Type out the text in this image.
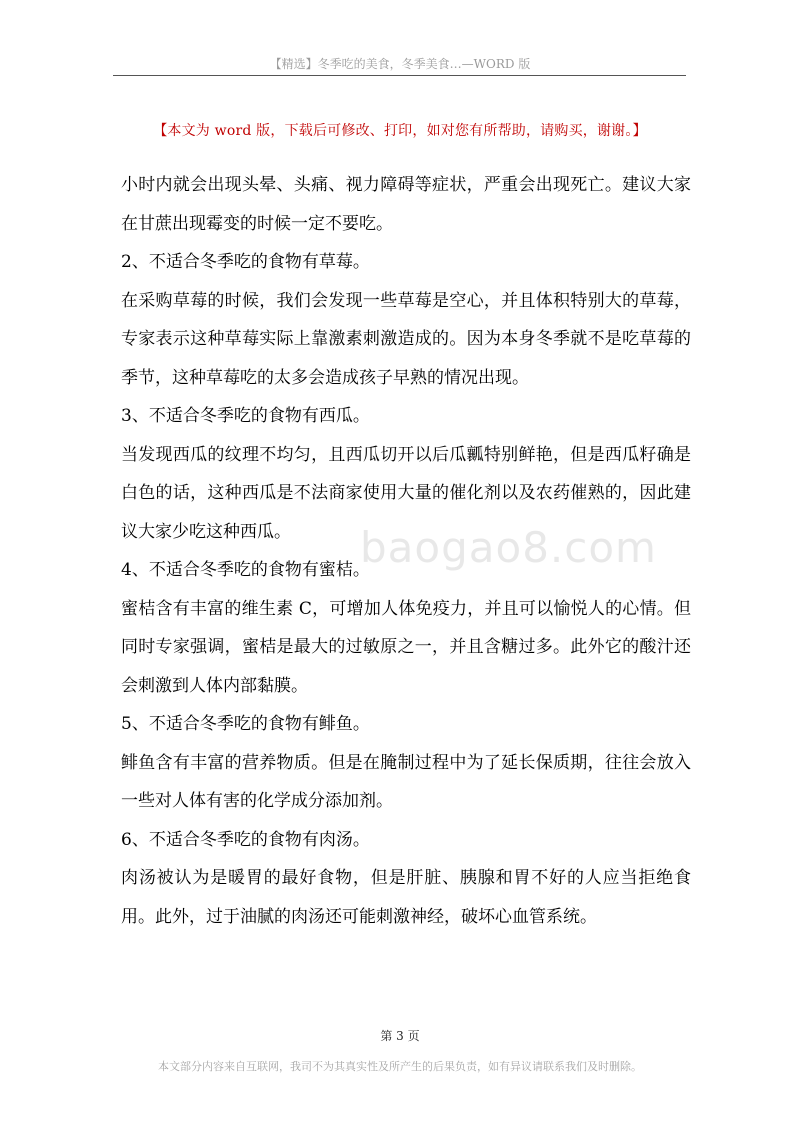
【精选】冬季吃的美食，冬季美食…—WORD 版
【本文为 word 版，下载后可修改、打印，如对您有所帮助，请购买，谢谢。】

小时内就会出现头晕、头痛、视力障碍等症状，严重会出现死亡。建议大家在甘蔗出现霉变的时候一定不要吃。

2、不适合冬季吃的食物有草莓。

在采购草莓的时候，我们会发现一些草莓是空心，并且体积特别大的草莓，专家表示这种草莓实际上靠激素刺激造成的。因为本身冬季就不是吃草莓的季节，这种草莓吃的太多会造成孩子早熟的情况出现。

3、不适合冬季吃的食物有西瓜。

当发现西瓜的纹理不均匀，且西瓜切开以后瓜瓤特别鲜艳，但是西瓜籽确是白色的话，这种西瓜是不法商家使用大量的催化剂以及农药催熟的，因此建议大家少吃这种西瓜。

4、不适合冬季吃的食物有蜜桔。

蜜桔含有丰富的维生素 C，可增加人体免疫力，并且可以愉悦人的心情。但同时专家强调，蜜桔是最大的过敏原之一，并且含糖过多。此外它的酸汁还会刺激到人体内部黏膜。

5、不适合冬季吃的食物有鲱鱼。

鲱鱼含有丰富的营养物质。但是在腌制过程中为了延长保质期，往往会放入一些对人体有害的化学成分添加剂。

6、不适合冬季吃的食物有肉汤。

肉汤被认为是暖胃的最好食物，但是肝脏、胰腺和胃不好的人应当拒绝食用。此外，过于油腻的肉汤还可能刺激神经，破坏心血管系统。

baogao8.com
第 3 页
本文部分内容来自互联网，我司不为其真实性及所产生的后果负责，如有异议请联系我们及时删除。
